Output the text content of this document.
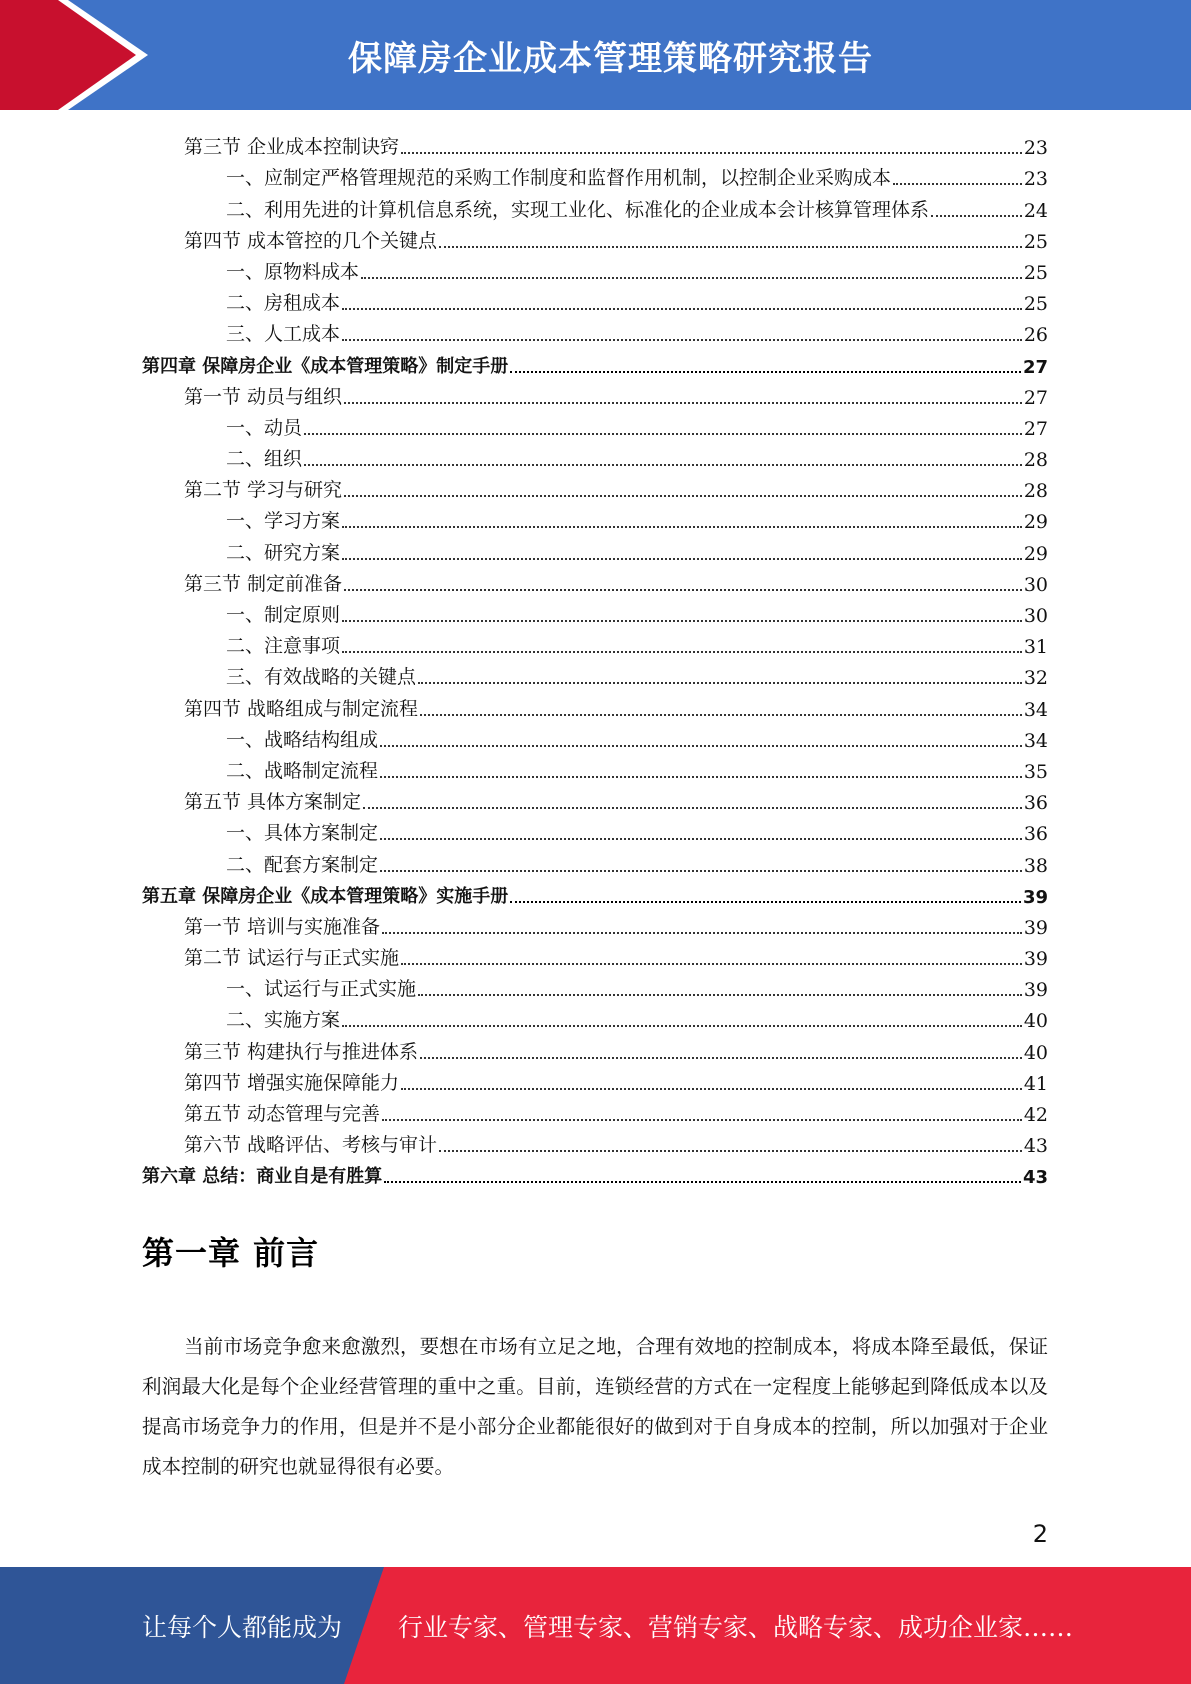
保障房企业成本管理策略研究报告
第三节 企业成本控制诀窍	23
一、应制定严格管理规范的采购工作制度和监督作用机制，以控制企业采购成本	23
二、利用先进的计算机信息系统，实现工业化、标准化的企业成本会计核算管理体系	24
第四节 成本管控的几个关键点	25
一、原物料成本	25
二、房租成本	25
三、人工成本	26
第四章 保障房企业《成本管理策略》制定手册	27
第一节 动员与组织	27
一、动员	27
二、组织	28
第二节 学习与研究	28
一、学习方案	29
二、研究方案	29
第三节 制定前准备	30
一、制定原则	30
二、注意事项	31
三、有效战略的关键点	32
第四节 战略组成与制定流程	34
一、战略结构组成	34
二、战略制定流程	35
第五节 具体方案制定	36
一、具体方案制定	36
二、配套方案制定	38
第五章 保障房企业《成本管理策略》实施手册	39
第一节 培训与实施准备	39
第二节 试运行与正式实施	39
一、试运行与正式实施	39
二、实施方案	40
第三节 构建执行与推进体系	40
第四节 增强实施保障能力	41
第五节 动态管理与完善	42
第六节 战略评估、考核与审计	43
第六章 总结：商业自是有胜算	43
第一章 前言
当前市场竞争愈来愈激烈，要想在市场有立足之地，合理有效地的控制成本，将成本降至最低，保证利润最大化是每个企业经营管理的重中之重。目前，连锁经营的方式在一定程度上能够起到降低成本以及提高市场竞争力的作用，但是并不是小部分企业都能很好的做到对于自身成本的控制，所以加强对于企业成本控制的研究也就显得很有必要。
2
让每个人都能成为 行业专家、管理专家、营销专家、战略专家、成功企业家……
